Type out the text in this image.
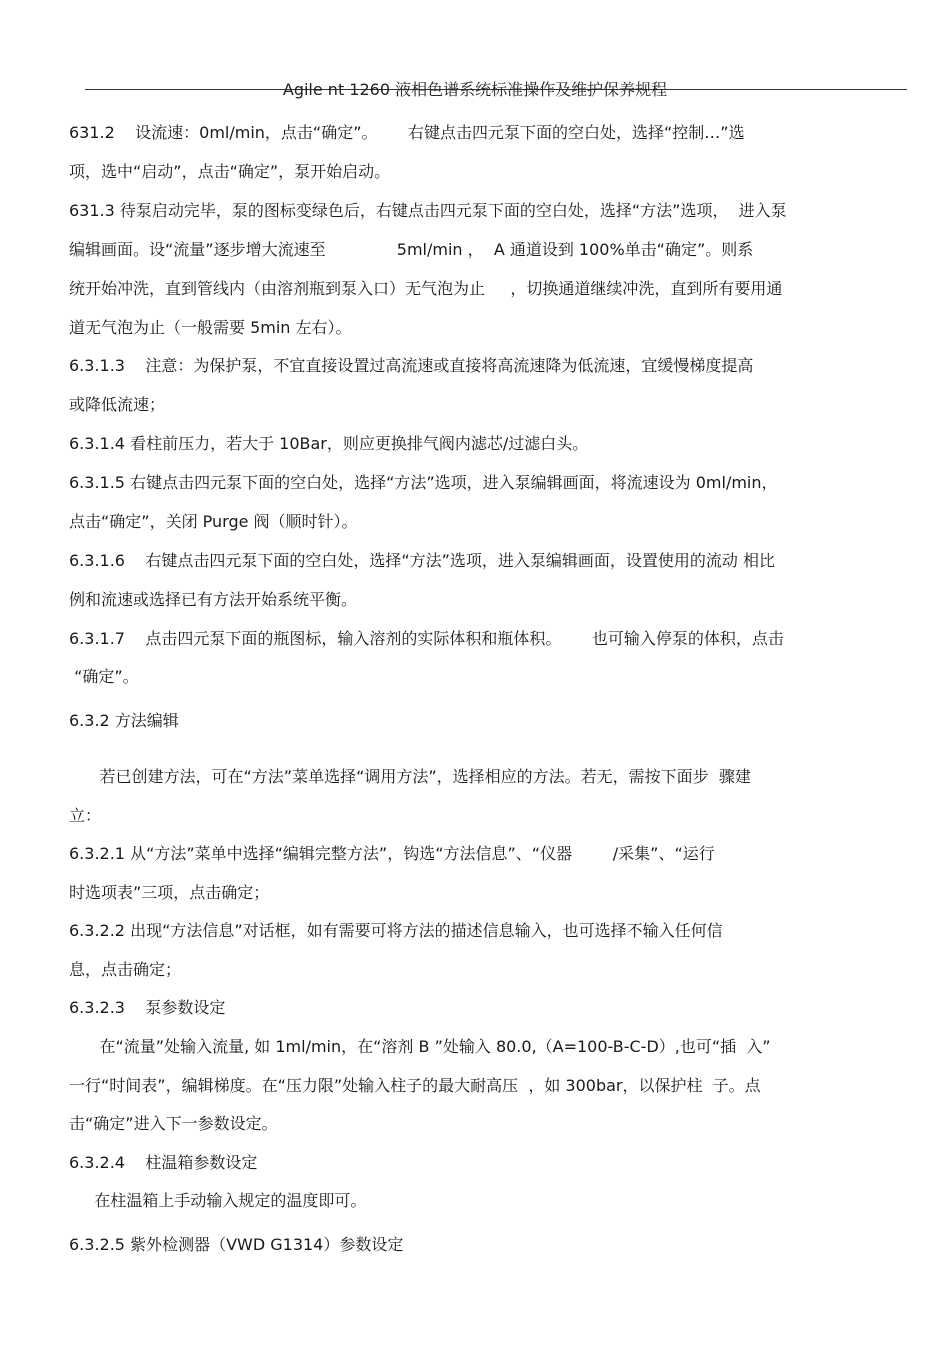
Agile nt 1260 液相色谱系统标准操作及维护保养规程
631.2    设流速：0ml/min，点击“确定”。      右键点击四元泵下面的空白处，选择“控制…”选
项，选中“启动”，点击“确定”，泵开始启动。
631.3 待泵启动完毕，泵的图标变绿色后，右键点击四元泵下面的空白处，选择“方法”选项，  进入泵
编辑画面。设“流量”逐步增大流速至              5ml/min ，  A 通道设到 100%单击“确定”。则系
统开始冲洗，直到管线内（由溶剂瓶到泵入口）无气泡为止     ，切换通道继续冲洗，直到所有要用通
道无气泡为止（一般需要 5min 左右）。
6.3.1.3    注意：为保护泵，不宜直接设置过高流速或直接将高流速降为低流速，宜缓慢梯度提高
或降低流速；
6.3.1.4 看柱前压力，若大于 10Bar，则应更换排气阀内滤芯/过滤白头。
6.3.1.5 右键点击四元泵下面的空白处，选择“方法”选项，进入泵编辑画面，将流速设为 0ml/min，
点击“确定”，关闭 Purge 阀（顺时针）。
6.3.1.6    右键点击四元泵下面的空白处，选择“方法”选项，进入泵编辑画面，设置使用的流动 相比
例和流速或选择已有方法开始系统平衡。
6.3.1.7    点击四元泵下面的瓶图标，输入溶剂的实际体积和瓶体积。      也可输入停泵的体积，点击
“确定”。
6.3.2 方法编辑
若已创建方法，可在“方法”菜单选择“调用方法”，选择相应的方法。若无，需按下面步  骤建
立：
6.3.2.1 从“方法”菜单中选择“编辑完整方法”，钩选“方法信息”、“仪器        /采集”、“运行
时选项表”三项，点击确定；
6.3.2.2 出现“方法信息”对话框，如有需要可将方法的描述信息输入，也可选择不输入任何信
息，点击确定；
6.3.2.3    泵参数设定
在“流量”处输入流量, 如 1ml/min，在“溶剂 B ”处输入 80.0,（A=100-B-C-D）,也可“插  入”
一行“时间表”，编辑梯度。在“压力限”处输入柱子的最大耐高压  ，如 300bar，以保护柱  子。点
击“确定”进入下一参数设定。
6.3.2.4    柱温箱参数设定
在柱温箱上手动输入规定的温度即可。
6.3.2.5 紫外检测器（VWD G1314）参数设定
